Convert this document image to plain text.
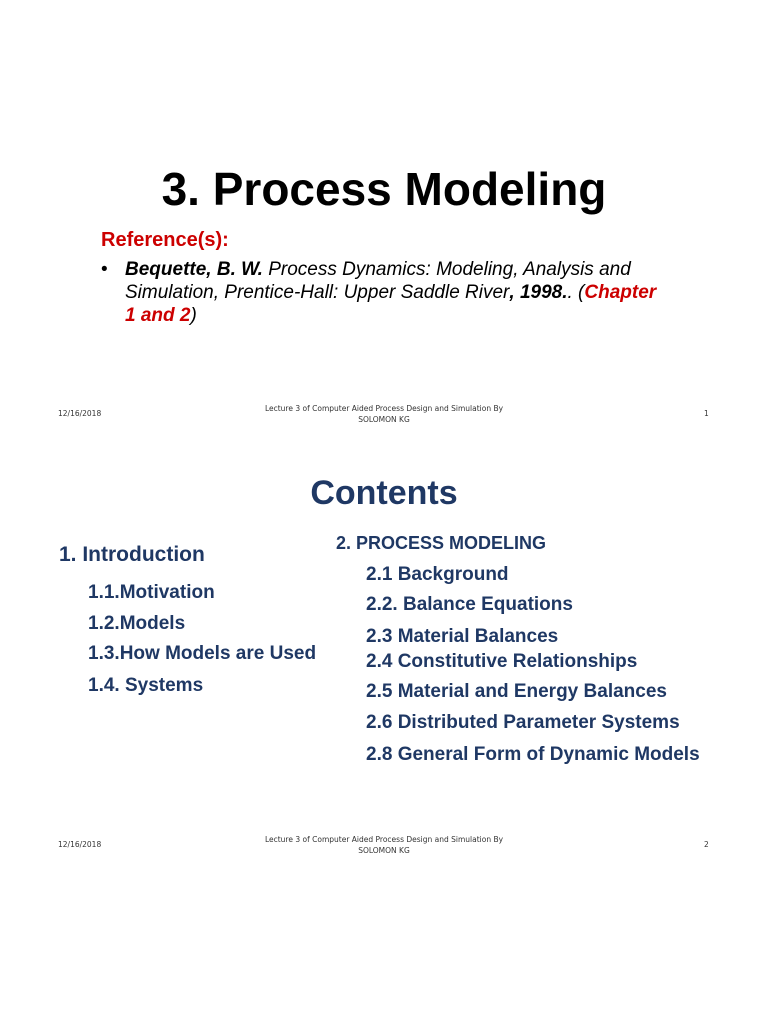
3. Process Modeling
Reference(s):
• Bequette, B. W. Process Dynamics: Modeling, Analysis and Simulation, Prentice-Hall: Upper Saddle River, 1998.. (Chapter 1 and 2)
12/16/2018
Lecture 3 of Computer Aided Process Design and Simulation By
SOLOMON KG
1
Contents
1. Introduction
1.1.Motivation
1.2.Models
1.3.How Models are Used
1.4. Systems
2. PROCESS MODELING
2.1 Background
2.2. Balance Equations
2.3 Material Balances
2.4 Constitutive Relationships
2.5 Material and Energy Balances
2.6 Distributed Parameter Systems
2.8 General Form of Dynamic Models
12/16/2018
Lecture 3 of Computer Aided Process Design and Simulation By
SOLOMON KG
2
